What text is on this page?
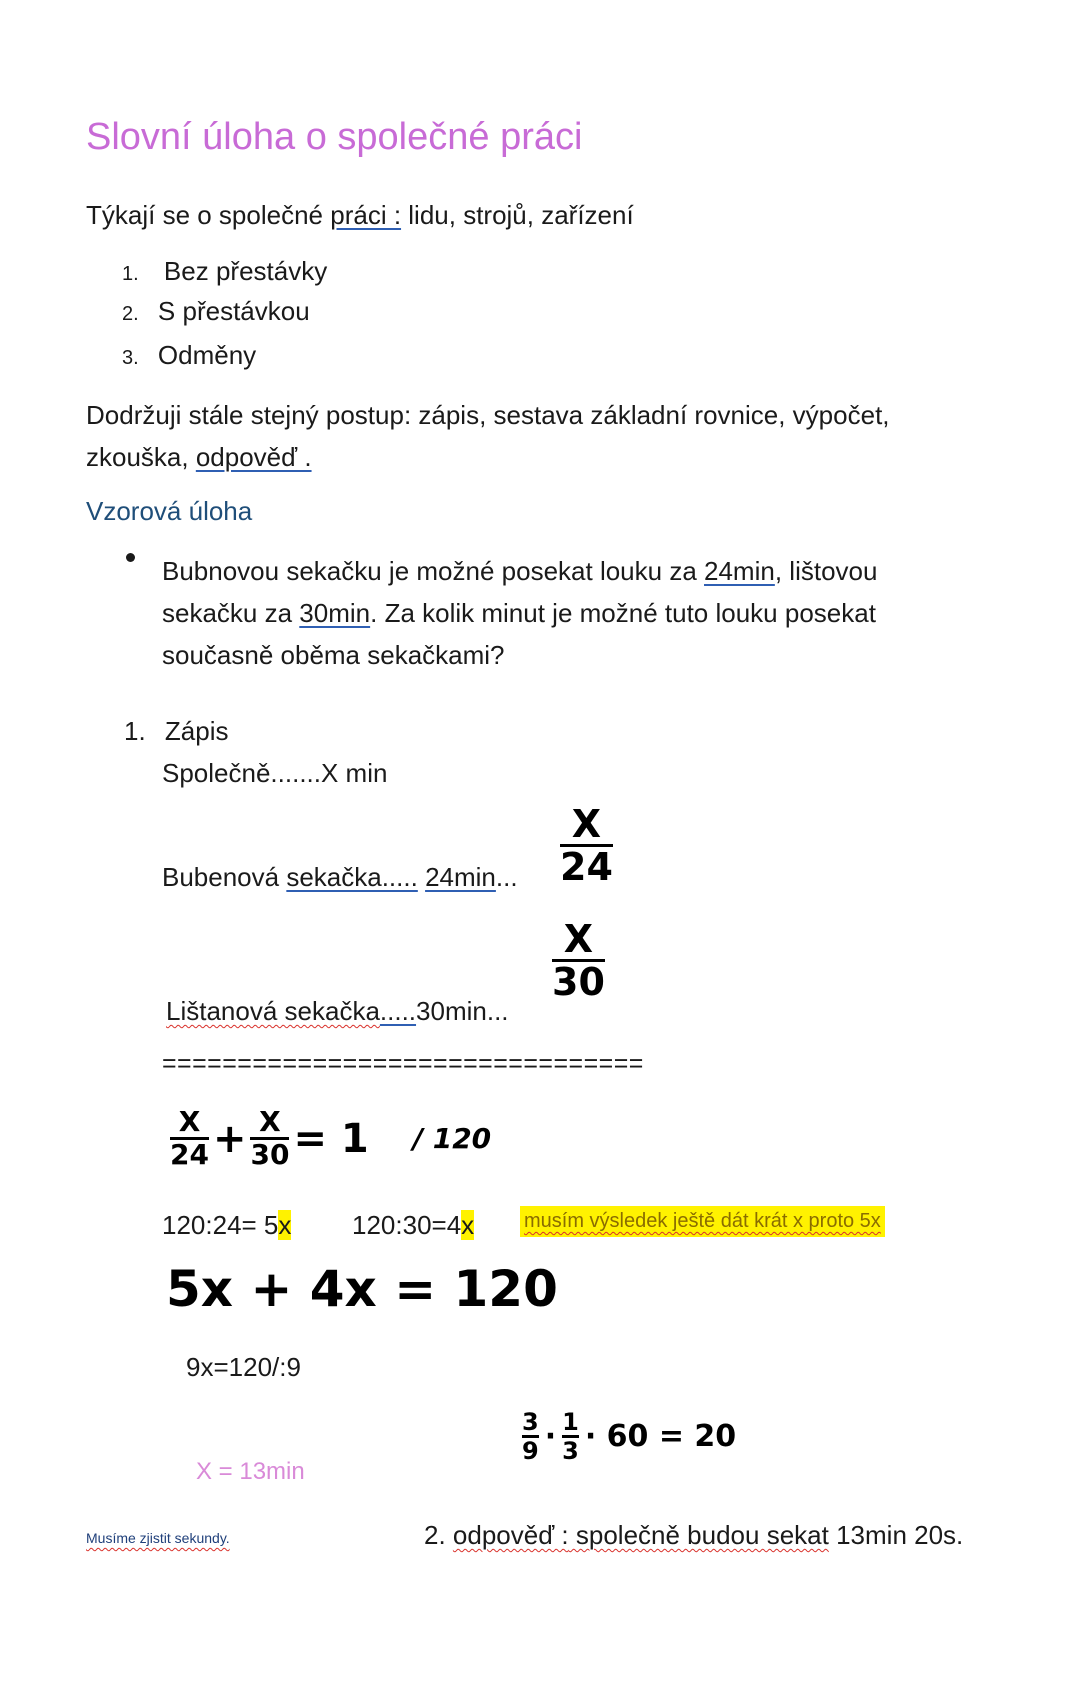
Slovní úloha o společné práci
Týkají se o společné práci : lidu, strojů, zařízení
1. Bez přestávky
2. S přestávkou
3. Odměny
Dodržuji stále stejný postup: zápis, sestava základní rovnice, výpočet,
zkouška, odpověď .
Vzorová úloha
Bubnovou sekačku je možné posekat louku za 24min, lištovou
sekačku za 30min. Za kolik minut je možné tuto louku posekat
současně oběma sekačkami?
1. Zápis
Společně.......X min
Bubenová sekačka..... 24min...
X
24
Lištanová sekačka.....30min...
X
30
================================
$\frac{X}{24} + \frac{X}{30} = 1 / 120$
120:24= 5x 120:30=4x musím výsledek ještě dát krát x proto 5x
5x + 4x = 120
9x=120/:9
$\frac{3}{9} \cdot \frac{1}{3} \cdot 60 = 20$
X = 13min
Musíme zjistit sekundy.	2. odpověď : společně budou sekat 13min 20s.
